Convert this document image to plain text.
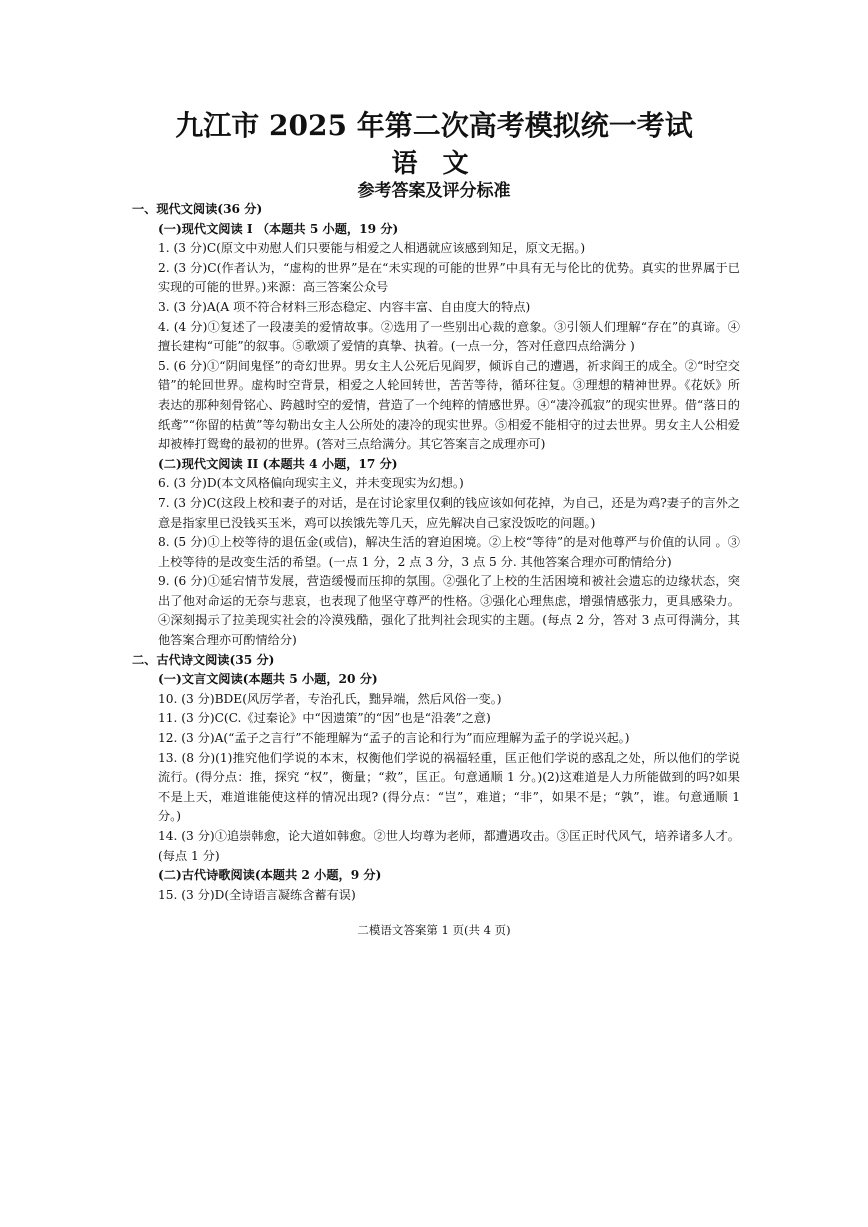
九江市 2025 年第二次高考模拟统一考试
语 文
参考答案及评分标准

一、现代文阅读(36 分)

(一)现代文阅读 I （本题共 5 小题，19 分)

1. (3 分)C(原文中劝慰人们只要能与相爱之人相遇就应该感到知足，原文无据。)

2. (3 分)C(作者认为，“虚构的世界”是在“未实现的可能的世界”中具有无与伦比的优势。真实的世界属于已实现的可能的世界。)来源：高三答案公众号

3. (3 分)A(A 项不符合材料三形态稳定、内容丰富、自由度大的特点)

4. (4 分)①复述了一段凄美的爱情故事。②选用了一些别出心裁的意象。③引领人们理解“存在”的真谛。④擅长建构“可能”的叙事。⑤歌颂了爱情的真挚、执着。(一点一分，答对任意四点给满分 )

5. (6 分)①“阴间鬼怪”的奇幻世界。男女主人公死后见阎罗，倾诉自己的遭遇，祈求阎王的成全。②“时空交错”的轮回世界。虚构时空背景，相爱之人轮回转世，苦苦等待，循环往复。③理想的精神世界。《花妖》所表达的那种刻骨铭心、跨越时空的爱情，营造了一个纯粹的情感世界。④“凄冷孤寂”的现实世界。借“落日的纸鸢”“你留的枯黄”等勾勒出女主人公所处的凄冷的现实世界。⑤相爱不能相守的过去世界。男女主人公相爱却被棒打鸳鸯的最初的世界。(答对三点给满分。其它答案言之成理亦可)

(二)现代文阅读 II (本题共 4 小题，17 分)

6. (3 分)D(本文风格偏向现实主义，并未变现实为幻想。)

7. (3 分)C(这段上校和妻子的对话，是在讨论家里仅剩的钱应该如何花掉，为自己，还是为鸡?妻子的言外之意是指家里已没钱买玉米，鸡可以挨饿先等几天，应先解决自己家没饭吃的问题。)

8. (5 分)①上校等待的退伍金(或信)，解决生活的窘迫困境。②上校“等待”的是对他尊严与价值的认同 。③上校等待的是改变生活的希望。(一点 1 分，2 点 3 分，3 点 5 分. 其他答案合理亦可酌情给分)

9. (6 分)①延宕情节发展，营造缓慢而压抑的氛围。②强化了上校的生活困境和被社会遗忘的边缘状态，突出了他对命运的无奈与悲哀，也表现了他坚守尊严的性格。③强化心理焦虑，增强情感张力，更具感染力。④深刻揭示了拉美现实社会的冷漠残酷，强化了批判社会现实的主题。(每点 2 分，答对 3 点可得满分，其他答案合理亦可酌情给分)

二、古代诗文阅读(35 分)

(一)文言文阅读(本题共 5 小题，20 分)

10. (3 分)BDE(风厉学者，专治孔氏，黜异端，然后风俗一变。)

11. (3 分)C(C.《过秦论》中“因遗策”的“因”也是“沿袭”之意)

12. (3 分)A(“孟子之言行”不能理解为“孟子的言论和行为”而应理解为孟子的学说兴起。)

13. (8 分)(1)推究他们学说的本末，权衡他们学说的祸福轻重，匡正他们学说的惑乱之处，所以他们的学说流行。(得分点：推，探究 “权”，衡量；“救”，匡正。句意通顺 1 分。)(2)这难道是人力所能做到的吗?如果不是上天，难道谁能使这样的情况出现? (得分点：“岂”，难道；“非”，如果不是；“孰”，谁。句意通顺 1 分。)

14. (3 分)①追崇韩愈，论大道如韩愈。②世人均尊为老师，都遭遇攻击。③匡正时代风气，培养诸多人才。(每点 1 分)

(二)古代诗歌阅读(本题共 2 小题，9 分)

15. (3 分)D(全诗语言凝练含蓄有误)

二模语文答案第 1 页(共 4 页)
